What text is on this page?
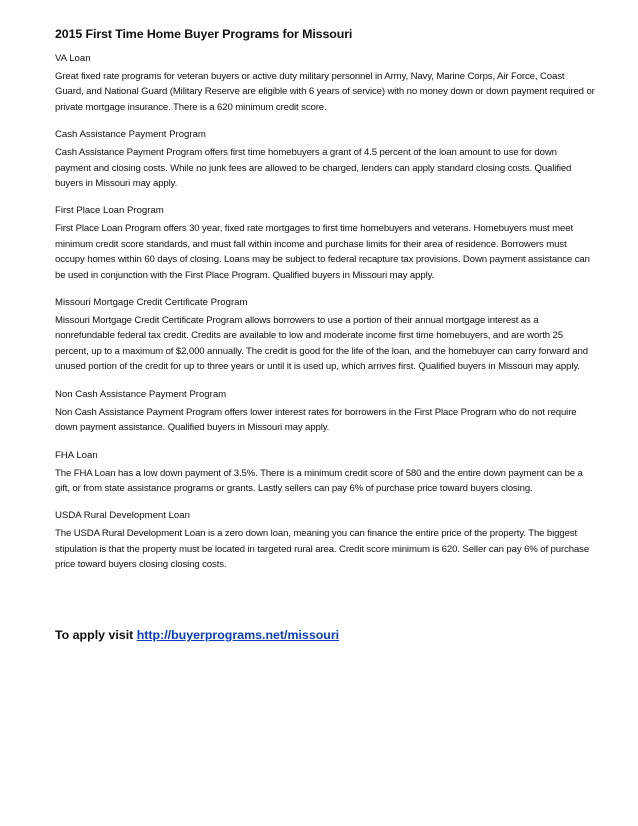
2015 First Time Home Buyer Programs for Missouri

VA Loan

Great fixed rate programs for veteran buyers or active duty military personnel in Army, Navy, Marine Corps, Air Force, Coast Guard, and National Guard (Military Reserve are eligible with 6 years of service) with no money down or down payment required or private mortgage insurance. There is a 620 minimum credit score.

Cash Assistance Payment Program

Cash Assistance Payment Program offers first time homebuyers a grant of 4.5 percent of the loan amount to use for down payment and closing costs. While no junk fees are allowed to be charged, lenders can apply standard closing costs. Qualified buyers in Missouri may apply.

First Place Loan Program

First Place Loan Program offers 30 year, fixed rate mortgages to first time homebuyers and veterans. Homebuyers must meet minimum credit score standards, and must fall within income and purchase limits for their area of residence. Borrowers must occupy homes within 60 days of closing. Loans may be subject to federal recapture tax provisions. Down payment assistance can be used in conjunction with the First Place Program. Qualified buyers in Missouri may apply.

Missouri Mortgage Credit Certificate Program

Missouri Mortgage Credit Certificate Program allows borrowers to use a portion of their annual mortgage interest as a nonrefundable federal tax credit. Credits are available to low and moderate income first time homebuyers, and are worth 25 percent, up to a maximum of $2,000 annually. The credit is good for the life of the loan, and the homebuyer can carry forward and unused portion of the credit for up to three years or until it is used up, which arrives first. Qualified buyers in Missouri may apply.

Non Cash Assistance Payment Program

Non Cash Assistance Payment Program offers lower interest rates for borrowers in the First Place Program who do not require down payment assistance. Qualified buyers in Missouri may apply.

FHA Loan

The FHA Loan has a low down payment of 3.5%. There is a minimum credit score of 580 and the entire down payment can be a gift, or from state assistance programs or grants. Lastly sellers can pay 6% of purchase price toward buyers closing.

USDA Rural Development Loan

The USDA Rural Development Loan is a zero down loan, meaning you can finance the entire price of the property. The biggest stipulation is that the property must be located in targeted rural area. Credit score minimum is 620. Seller can pay 6% of purchase price toward buyers closing closing costs.

To apply visit http://buyerprograms.net/missouri
